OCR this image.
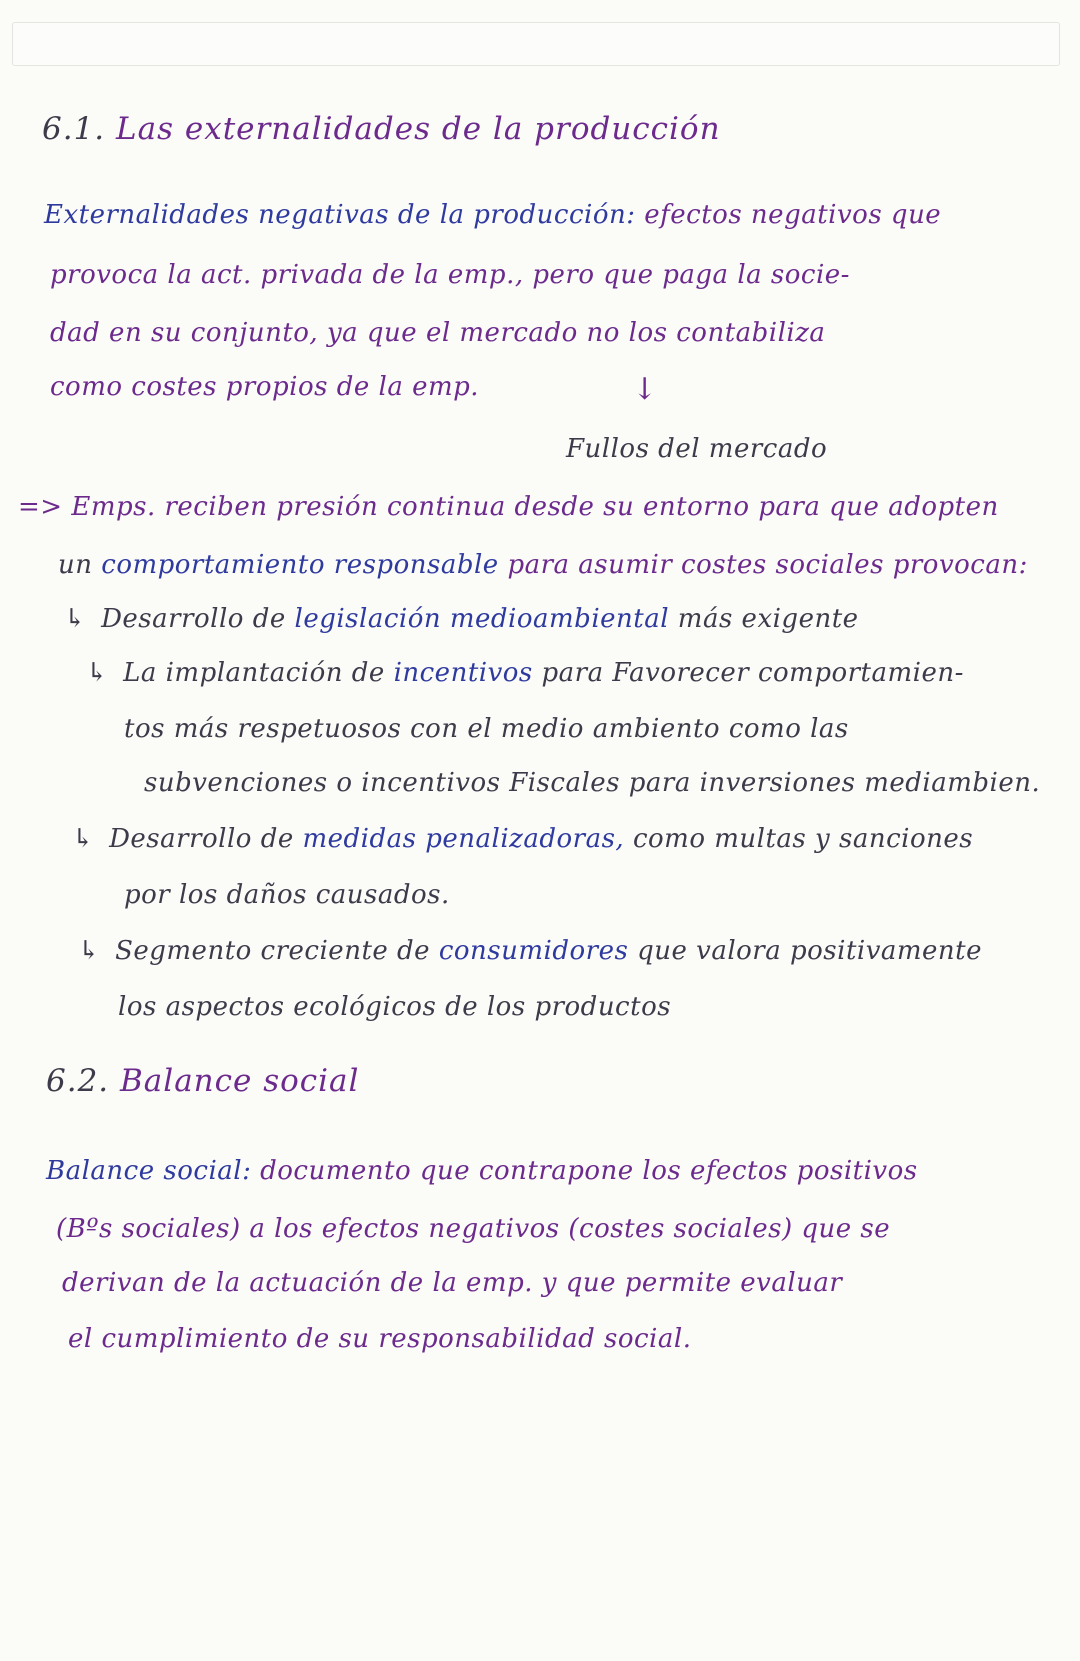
6.1. Las externalidades de la producción
Externalidades negativas de la producción: efectos negativos que
provoca la act. privada de la emp., pero que paga la socie-
dad en su conjunto, ya que el mercado no los contabiliza
como costes propios de la emp.	↓
Fullos del mercado
=> Emps. reciben presión continua desde su entorno para que adopten
un comportamiento responsable para asumir costes sociales provocan:
↳ Desarrollo de legislación medioambiental más exigente
↳ La implantación de incentivos para Favorecer comportamien-
tos más respetuosos con el medio ambiento como las
subvenciones o incentivos Fiscales para inversiones mediambien.
↳ Desarrollo de medidas penalizadoras, como multas y sanciones
por los daños causados.
↳ Segmento creciente de consumidores que valora positivamente
los aspectos ecológicos de los productos
6.2. Balance social
Balance social: documento que contrapone los efectos positivos
(Bºs sociales) a los efectos negativos (costes sociales) que se
derivan de la actuación de la emp. y que permite evaluar
el cumplimiento de su responsabilidad social.
